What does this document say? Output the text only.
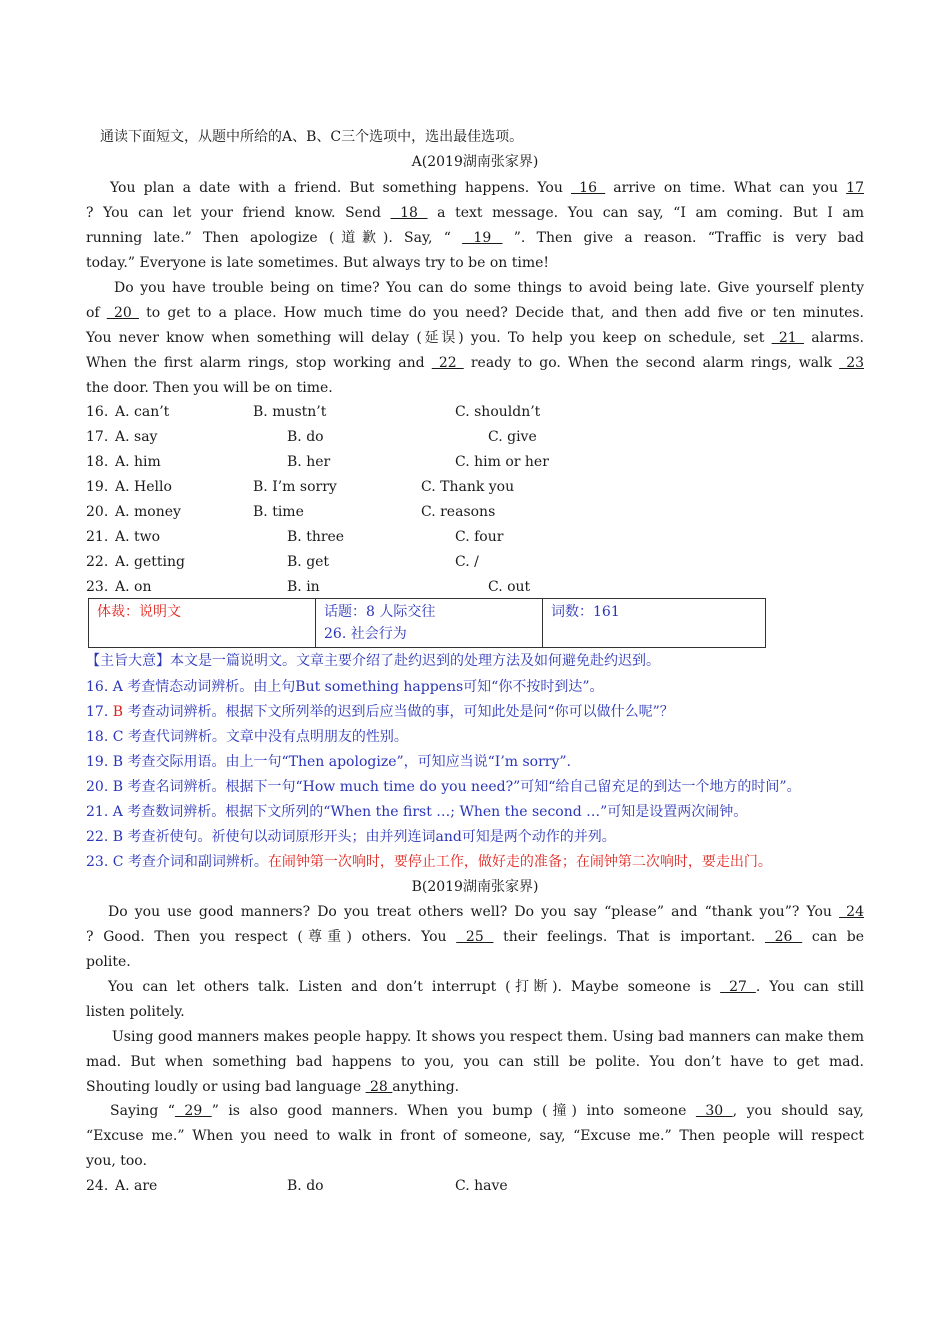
通读下面短文，从题中所给的A、B、C三个选项中，选出最佳选项。
A(2019湖南张家界)
You plan a date with a friend. But something happens. You  16  arrive on time. What can you 17
? You can let your friend know. Send  18  a text message. You can say, “I am coming. But I am
running late.” Then apologize (道歉). Say, “  19  ”. Then give a reason. “Traffic is very bad
today.” Everyone is late sometimes. But always try to be on time!
Do you have trouble being on time? You can do some things to avoid being late. Give yourself plenty
of  20  to get to a place. How much time do you need? Decide that, and then add five or ten minutes.
You never know when something will delay (延误) you. To help you keep on schedule, set  21  alarms.
When the first alarm rings, stop working and  22  ready to go. When the second alarm rings, walk  23
the door. Then you will be on time.
16. A. can’t	B. mustn’t	C. shouldn’t
17. A. say	B. do	C. give
18. A. him	B. her	C. him or her
19. A. Hello	B. I’m sorry	C. Thank you
20. A. money	B. time	C. reasons
21. A. two	B. three	C. four
22. A. getting	B. get	C. /
23. A. on	B. in	C. out
体裁：说明文	话题：8 人际交往
26. 社会行为
	词数：161
【主旨大意】本文是一篇说明文。文章主要介绍了赴约迟到的处理方法及如何避免赴约迟到。
16. A 考查情态动词辨析。由上句But something happens可知“你不按时到达”。
17. B 考查动词辨析。根据下文所列举的迟到后应当做的事，可知此处是问“你可以做什么呢”？
18. C 考查代词辨析。文章中没有点明朋友的性别。
19. B 考查交际用语。由上一句“Then apologize”，可知应当说“I’m sorry”.
20. B 考查名词辨析。根据下一句“How much time do you need?”可知“给自己留充足的到达一个地方的时间”。
21. A 考查数词辨析。根据下文所列的“When the first …; When the second …”可知是设置两次闹钟。
22. B 考查祈使句。祈使句以动词原形开头；由并列连词and可知是两个动作的并列。
23. C 考查介词和副词辨析。在闹钟第一次响时，要停止工作，做好走的准备；在闹钟第二次响时，要走出门。
B(2019湖南张家界)
Do you use good manners? Do you treat others well? Do you say “please” and “thank you”? You  24
? Good. Then you respect (尊重) others. You  25  their feelings. That is important.  26  can be
polite.
You can let others talk. Listen and don’t interrupt (打断). Maybe someone is  27 . You can still
listen politely.
Using good manners makes people happy. It shows you respect them. Using bad manners can make them
mad. But when something bad happens to you, you can still be polite. You don’t have to get mad.
Shouting loudly or using bad language  28 anything.
Saying “ 29 ” is also good manners. When you bump (撞) into someone  30 , you should say,
“Excuse me.” When you need to walk in front of someone, say, “Excuse me.” Then people will respect
you, too.
24. A. are	B. do	C. have
